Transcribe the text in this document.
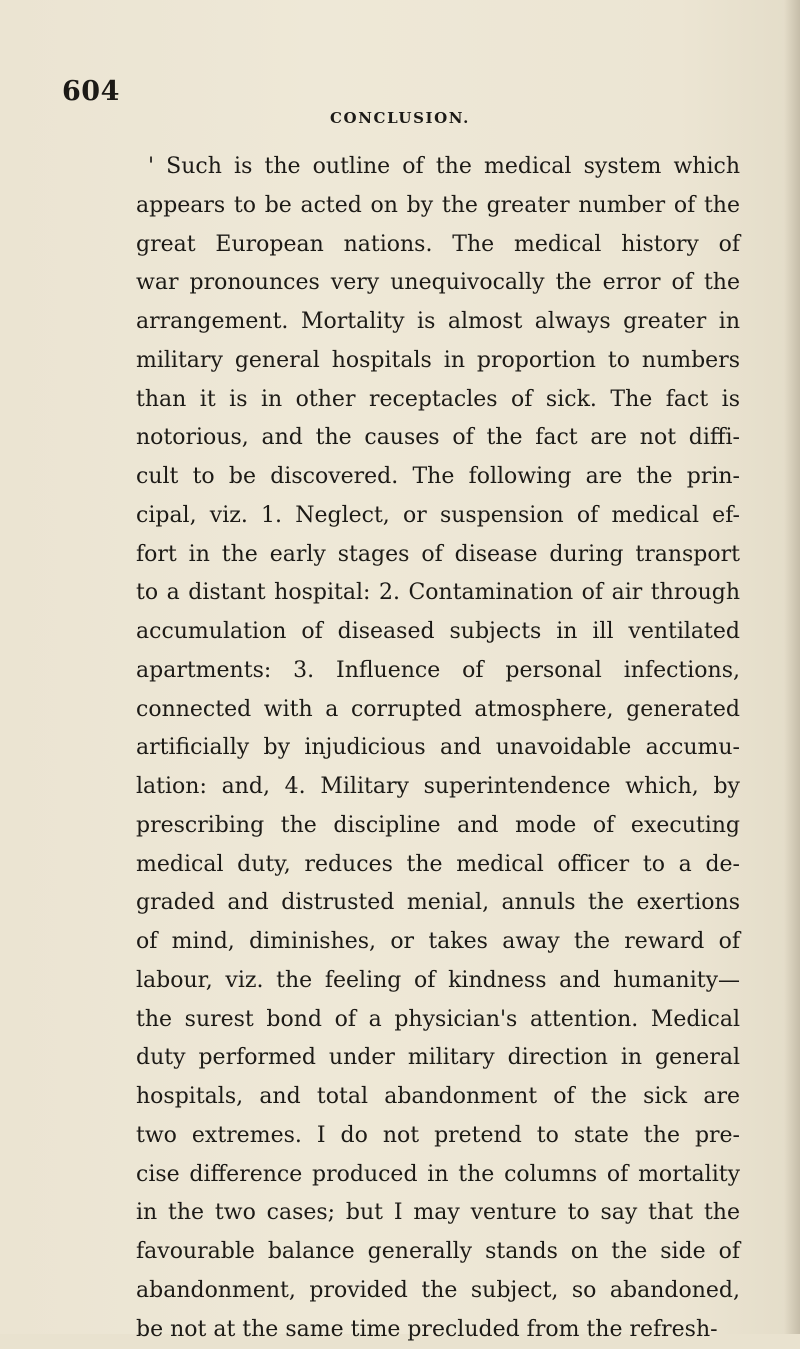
604
CONCLUSION.
' Such is the outline of the medical system which
appears to be acted on by the greater number of the
great European nations. The medical history of
war pronounces very unequivocally the error of the
arrangement. Mortality is almost always greater in
military general hospitals in proportion to numbers
than it is in other receptacles of sick. The fact is
notorious, and the causes of the fact are not diffi-
cult to be discovered. The following are the prin-
cipal, viz. 1. Neglect, or suspension of medical ef-
fort in the early stages of disease during transport
to a distant hospital: 2. Contamination of air through
accumulation of diseased subjects in ill ventilated
apartments: 3. Influence of personal infections,
connected with a corrupted atmosphere, generated
artificially by injudicious and unavoidable accumu-
lation: and, 4. Military superintendence which, by
prescribing the discipline and mode of executing
medical duty, reduces the medical officer to a de-
graded and distrusted menial, annuls the exertions
of mind, diminishes, or takes away the reward of
labour, viz. the feeling of kindness and humanity—
the surest bond of a physician's attention. Medical
duty performed under military direction in general
hospitals, and total abandonment of the sick are
two extremes. I do not pretend to state the pre-
cise difference produced in the columns of mortality
in the two cases; but I may venture to say that the
favourable balance generally stands on the side of
abandonment, provided the subject, so abandoned,
be not at the same time precluded from the refresh-
